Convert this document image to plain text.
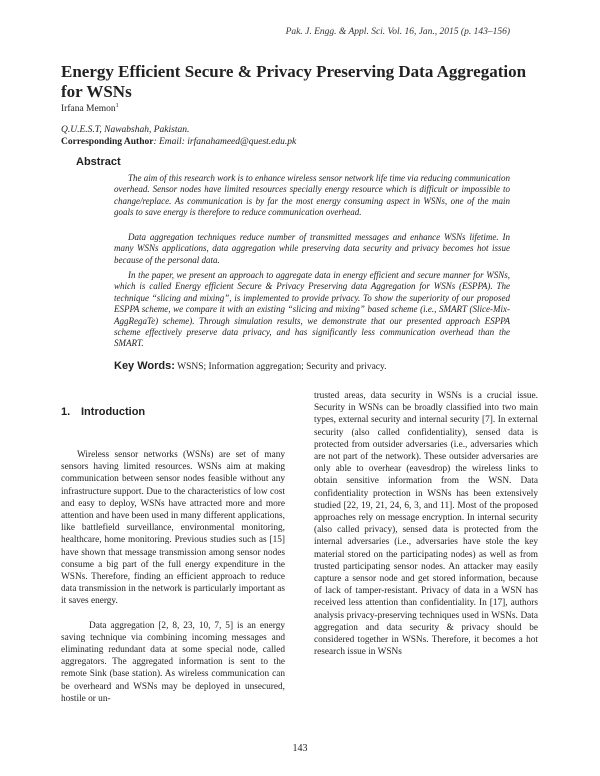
Pak. J. Engg. & Appl. Sci. Vol. 16, Jan., 2015 (p. 143–156)
Energy Efficient Secure & Privacy Preserving Data Aggregation for WSNs
Irfana Memon$^1$
Q.U.E.S.T, Nawabshah, Pakistan.
Corresponding Author: Email: irfanahameed@quest.edu.pk
Abstract

The aim of this research work is to enhance wireless sensor network life time via reducing communication overhead. Sensor nodes have limited resources specially energy resource which is difficult or impossible to change/replace. As communication is by far the most energy consuming aspect in WSNs, one of the main goals to save energy is therefore to reduce communication overhead.

Data aggregation techniques reduce number of transmitted messages and enhance WSNs lifetime. In many WSNs applications, data aggregation while preserving data security and privacy becomes hot issue because of the personal data.

In the paper, we present an approach to aggregate data in energy efficient and secure manner for WSNs, which is called Energy efficient Secure & Privacy Preserving data Aggregation for WSNs (ESPPA). The technique “slicing and mixing”, is implemented to provide privacy. To show the superiority of our proposed ESPPA scheme, we compare it with an existing “slicing and mixing” based scheme (i.e., SMART (Slice-Mix-AggRegaTe) scheme). Through simulation results, we demonstrate that our presented approach ESPPA scheme effectively preserve data privacy, and has significantly less communication overhead than the SMART.

Key Words: WSNS; Information aggregation; Security and privacy.
1. Introduction

Wireless sensor networks (WSNs) are set of many sensors having limited resources. WSNs aim at making communication between sensor nodes feasible without any infrastructure support. Due to the characteristics of low cost and easy to deploy, WSNs have attracted more and more attention and have been used in many different applications, like battlefield surveillance, environmental monitoring, healthcare, home monitoring. Previous studies such as [15] have shown that message transmission among sensor nodes consume a big part of the full energy expenditure in the WSNs. Therefore, finding an efficient approach to reduce data transmission in the network is particularly important as it saves energy.

Data aggregation [2, 8, 23, 10, 7, 5] is an energy saving technique via combining incoming messages and eliminating redundant data at some special node, called aggregators. The aggregated information is sent to the remote Sink (base station). As wireless communication can be overheard and WSNs may be deployed in unsecured, hostile or un-

trusted areas, data security in WSNs is a crucial issue. Security in WSNs can be broadly classified into two main types, external security and internal security [7]. In external security (also called confidentiality), sensed data is protected from outsider adversaries (i.e., adversaries which are not part of the network). These outsider adversaries are only able to overhear (eavesdrop) the wireless links to obtain sensitive information from the WSN. Data confidentiality protection in WSNs has been extensively studied [22, 19, 21, 24, 6, 3, and 11]. Most of the proposed approaches rely on message encryption. In internal security (also called privacy), sensed data is protected from the internal adversaries (i.e., adversaries have stole the key material stored on the participating nodes) as well as from trusted participating sensor nodes. An attacker may easily capture a sensor node and get stored information, because of lack of tamper-resistant. Privacy of data in a WSN has received less attention than confidentiality. In [17], authors analysis privacy-preserving techniques used in WSNs. Data aggregation and data security & privacy should be considered together in WSNs. Therefore, it becomes a hot research issue in WSNs

143
